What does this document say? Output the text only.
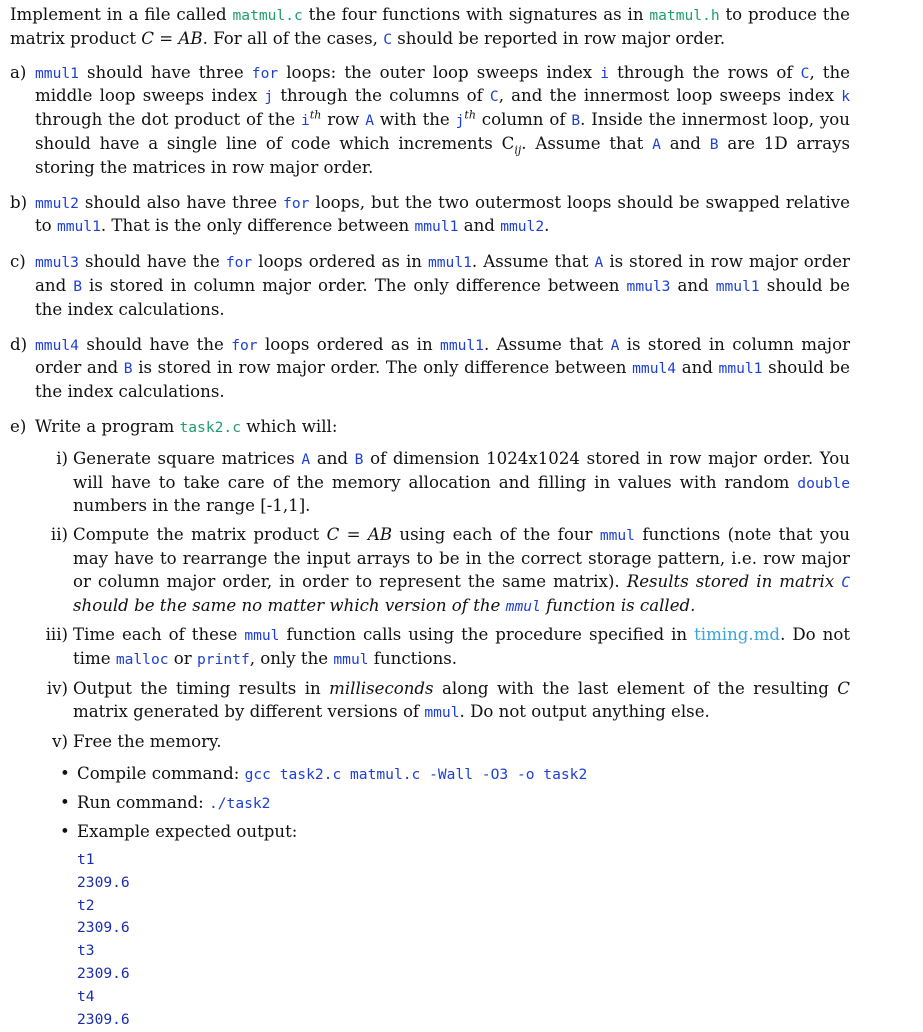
Implement in a file called matmul.c the four functions with signatures as in matmul.h to produce the matrix product C = AB. For all of the cases, C should be reported in row major order.

a) mmul1 should have three for loops: the outer loop sweeps index i through the rows of C, the middle loop sweeps index j through the columns of C, and the innermost loop sweeps index k through the dot product of the $i^{th}$ row A with the $j^{th}$ column of B. Inside the innermost loop, you should have a single line of code which increments $C_{ij}$. Assume that A and B are 1D arrays storing the matrices in row major order.
b) mmul2 should also have three for loops, but the two outermost loops should be swapped relative to mmul1. That is the only difference between mmul1 and mmul2.
c) mmul3 should have the for loops ordered as in mmul1. Assume that A is stored in row major order and B is stored in column major order. The only difference between mmul3 and mmul1 should be the index calculations.
d) mmul4 should have the for loops ordered as in mmul1. Assume that A is stored in column major order and B is stored in row major order. The only difference between mmul4 and mmul1 should be the index calculations.
e) Write a program task2.c which will:
i) Generate square matrices A and B of dimension 1024x1024 stored in row major order. You will have to take care of the memory allocation and filling in values with random double numbers in the range [-1,1].
ii) Compute the matrix product C = AB using each of the four mmul functions (note that you may have to rearrange the input arrays to be in the correct storage pattern, i.e. row major or column major order, in order to represent the same matrix). Results stored in matrix C should be the same no matter which version of the mmul function is called.
iii) Time each of these mmul function calls using the procedure specified in timing.md. Do not time malloc or printf, only the mmul functions.
iv) Output the timing results in milliseconds along with the last element of the resulting C matrix generated by different versions of mmul. Do not output anything else.
v) Free the memory.
• Compile command: gcc task2.c matmul.c -Wall -O3 -o task2
• Run command: ./task2
• Example expected output:
t1
2309.6
t2
2309.6
t3
2309.6
t4
2309.6
